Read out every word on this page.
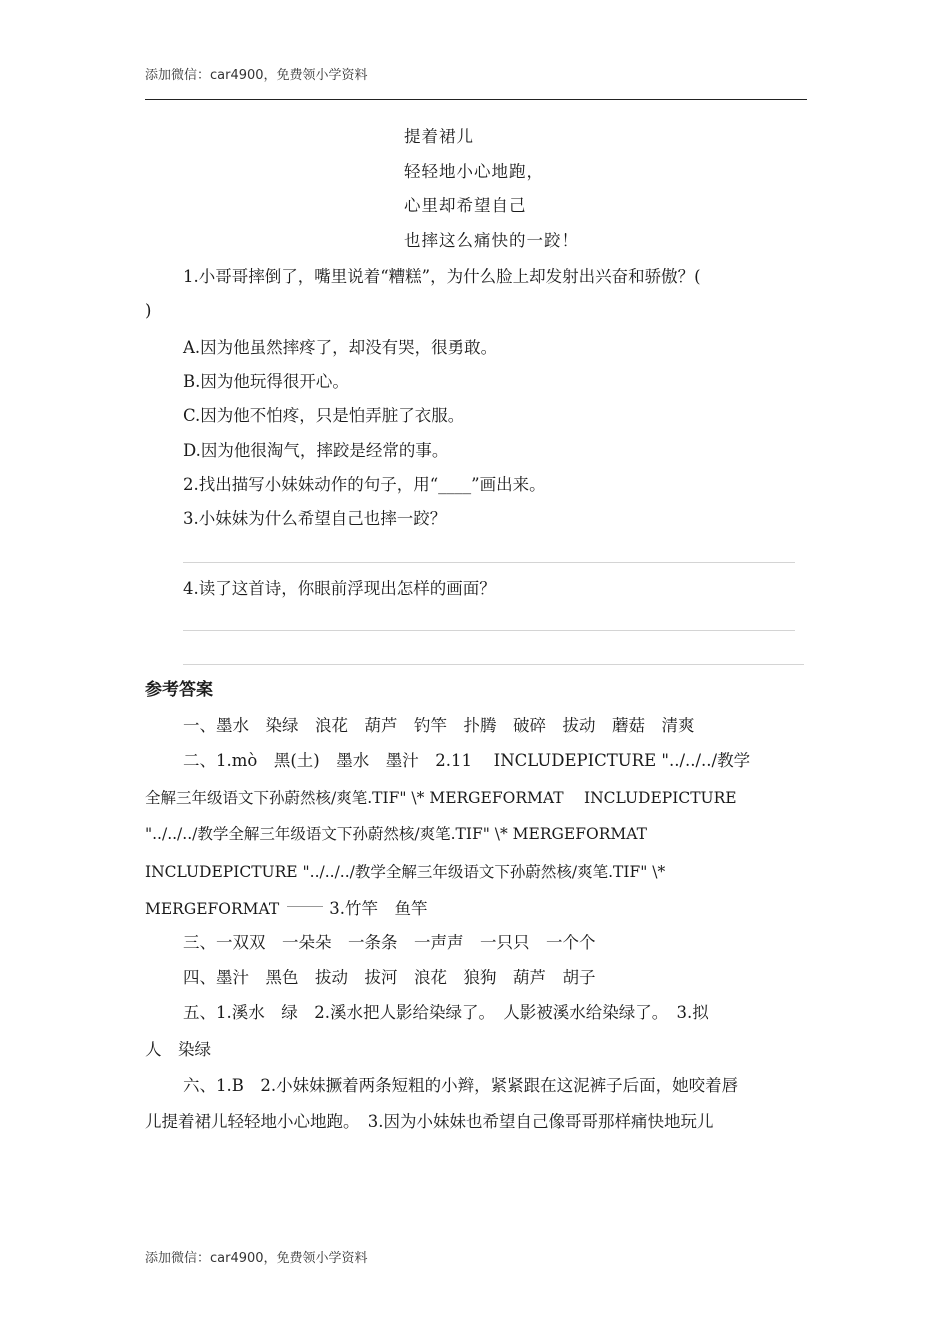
添加微信：car4900，免费领小学资料
提着裙儿
轻轻地小心地跑，
心里却希望自己
也摔这么痛快的一跤！
1.小哥哥摔倒了，嘴里说着“糟糕”，为什么脸上却发射出兴奋和骄傲？(
)
A.因为他虽然摔疼了，却没有哭，很勇敢。
B.因为他玩得很开心。
C.因为他不怕疼，只是怕弄脏了衣服。
D.因为他很淘气，摔跤是经常的事。
2.找出描写小妹妹动作的句子，用“____”画出来。
3.小妹妹为什么希望自己也摔一跤？
4.读了这首诗，你眼前浮现出怎样的画面？
参考答案
一、墨水　染绿　浪花　葫芦　钓竿　扑腾　破碎　拔动　蘑菇　清爽
二、1.mò　黑(土)　墨水　墨汁　2.11　 INCLUDEPICTURE "../../../教学
全解三年级语文下孙蔚然核/爽笔.TIF" \* MERGEFORMAT　 INCLUDEPICTURE
"../../../教学全解三年级语文下孙蔚然核/爽笔.TIF" \* MERGEFORMAT
INCLUDEPICTURE "../../../教学全解三年级语文下孙蔚然核/爽笔.TIF" \*
MERGEFORMAT	3.竹竿　鱼竿
三、一双双　一朵朵　一条条　一声声　一只只　一个个
四、墨汁　黑色　拔动　拔河　浪花　狼狗　葫芦　胡子
五、1.溪水　绿　2.溪水把人影给染绿了。　人影被溪水给染绿了。　3.拟
人　染绿
六、1.B　2.小妹妹撅着两条短粗的小辫，紧紧跟在这泥裤子后面，她咬着唇
儿提着裙儿轻轻地小心地跑。　3.因为小妹妹也希望自己像哥哥那样痛快地玩儿
添加微信：car4900，免费领小学资料
